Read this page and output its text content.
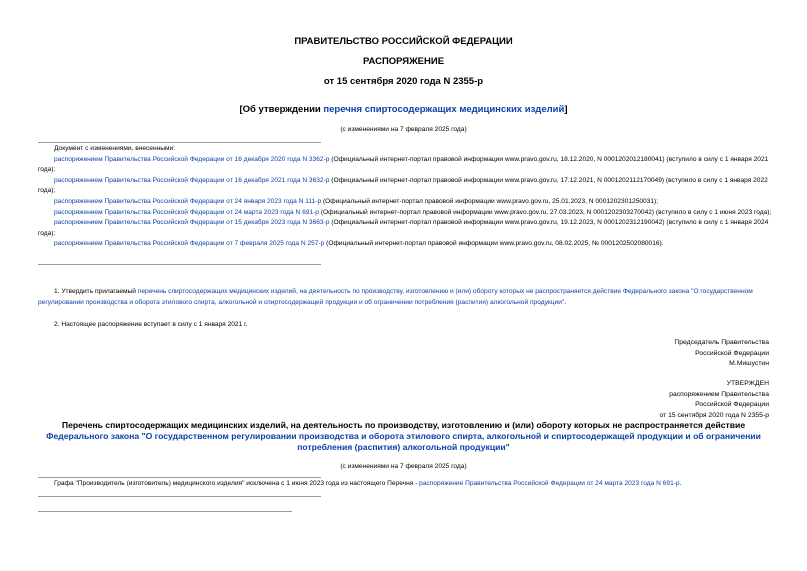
ПРАВИТЕЛЬСТВО РОССИЙСКОЙ ФЕДЕРАЦИИ
РАСПОРЯЖЕНИЕ
от 15 сентября 2020 года N 2355-р
[Об утверждении перечня спиртосодержащих медицинских изделий]
(с изменениями на 7 февраля 2025 года)
Документ с изменениями, внесенными:
распоряжением Правительства Российской Федерации от 16 декабря 2020 года N 3362-р (Официальный интернет-портал правовой информации www.pravo.gov.ru, 18.12.2020, N 0001202012180041) (вступило в силу с 1 января 2021 года);
распоряжением Правительства Российской Федерации от 16 декабря 2021 года N 3632-р (Официальный интернет-портал правовой информации www.pravo.gov.ru, 17.12.2021, N 0001202112170049) (вступило в силу с 1 января 2022 года);
распоряжением Правительства Российской Федерации от 24 января 2023 года N 111-р (Официальный интернет-портал правовой информации www.pravo.gov.ru, 25.01.2023, N 0001202301250031);
распоряжением Правительства Российской Федерации от 24 марта 2023 года N 691-р (Официальный интернет-портал правовой информации www.pravo.gov.ru, 27.03.2023, N 0001202303270042) (вступило в силу с 1 июня 2023 года);
распоряжением Правительства Российской Федерации от 15 декабря 2023 года N 3663-р (Официальный интернет-портал правовой информации www.pravo.gov.ru, 19.12.2023, N 0001202312190042) (вступило в силу с 1 января 2024 года);
распоряжением Правительства Российской Федерации от 7 февраля 2025 года N 257-р (Официальный интернет-портал правовой информации www.pravo.gov.ru, 08.02.2025, № 0001202502080016).
1. Утвердить прилагаемый перечень спиртосодержащих медицинских изделий, на деятельность по производству, изготовлению и (или) обороту которых не распространяется действие Федерального закона "О государственном регулировании производства и оборота этилового спирта, алкогольной и спиртосодержащей продукции и об ограничении потребления (распития) алкогольной продукции".
2. Настоящее распоряжение вступает в силу с 1 января 2021 г.
Председатель Правительства
Российской Федерации
М.Мишустин
УТВЕРЖДЕН
распоряжением Правительства
Российской Федерации
от 15 сентября 2020 года N 2355-р
Перечень спиртосодержащих медицинских изделий, на деятельность по производству, изготовлению и (или) обороту которых не распространяется действие Федерального закона "О государственном регулировании производства и оборота этилового спирта, алкогольной и спиртосодержащей продукции и об ограничении потребления (распития) алкогольной продукции"
(с изменениями на 7 февраля 2025 года)
Графа "Производитель (изготовитель) медицинского изделия" исключена с 1 июня 2023 года из настоящего Перечня - распоряжение Правительства Российской Федерации от 24 марта 2023 года N 691-р.
